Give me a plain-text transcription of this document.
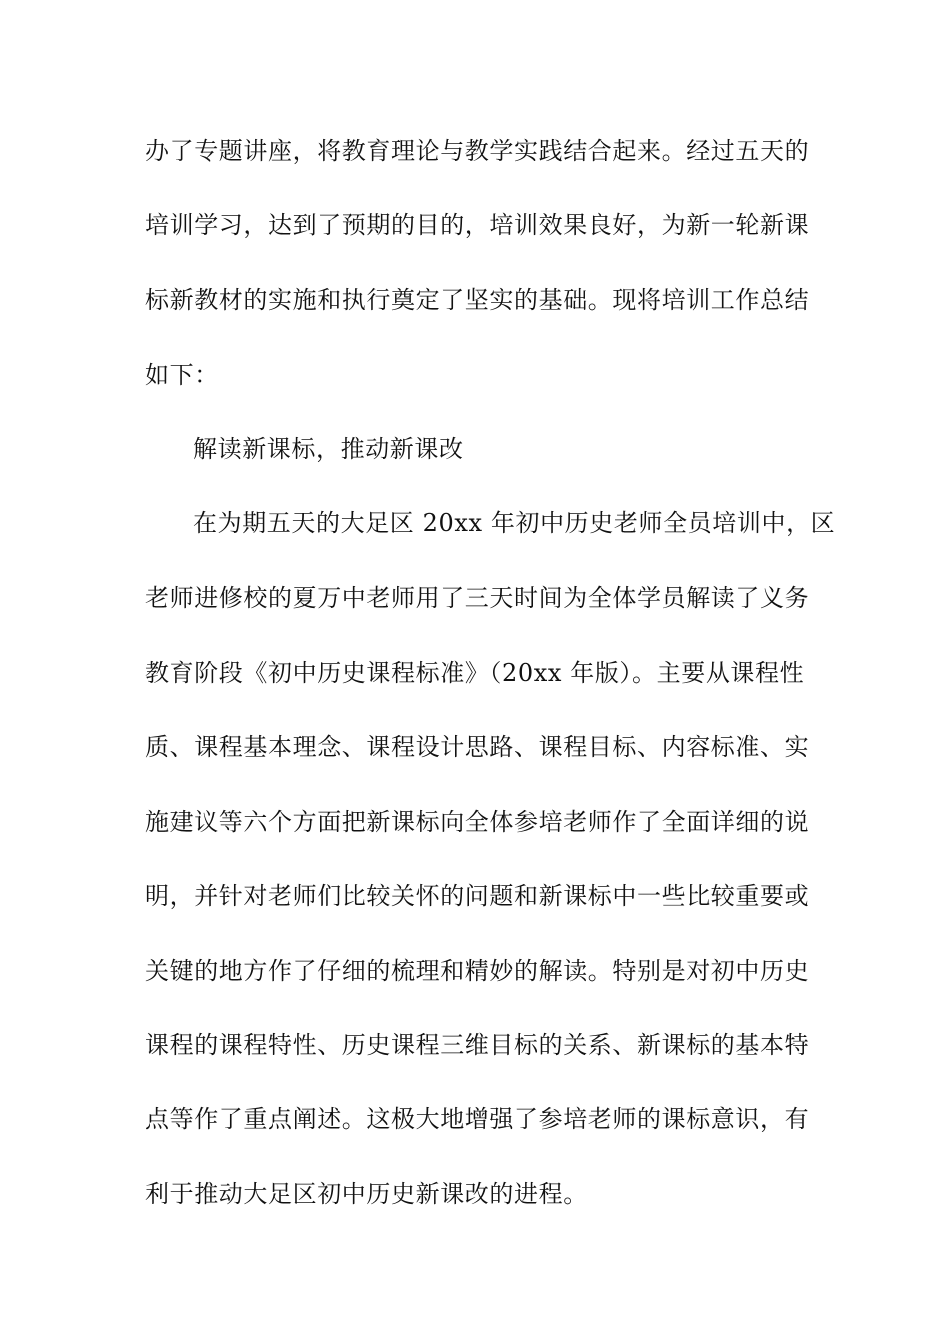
办了专题讲座，将教育理论与教学实践结合起来。经过五天的
培训学习，达到了预期的目的，培训效果良好，为新一轮新课
标新教材的实施和执行奠定了坚实的基础。现将培训工作总结
如下：
解读新课标，推动新课改
在为期五天的大足区 20xx 年初中历史老师全员培训中，区
老师进修校的夏万中老师用了三天时间为全体学员解读了义务
教育阶段《初中历史课程标准》（20xx 年版）。主要从课程性
质、课程基本理念、课程设计思路、课程目标、内容标准、实
施建议等六个方面把新课标向全体参培老师作了全面详细的说
明，并针对老师们比较关怀的问题和新课标中一些比较重要或
关键的地方作了仔细的梳理和精妙的解读。特别是对初中历史
课程的课程特性、历史课程三维目标的关系、新课标的基本特
点等作了重点阐述。这极大地增强了参培老师的课标意识，有
利于推动大足区初中历史新课改的进程。
